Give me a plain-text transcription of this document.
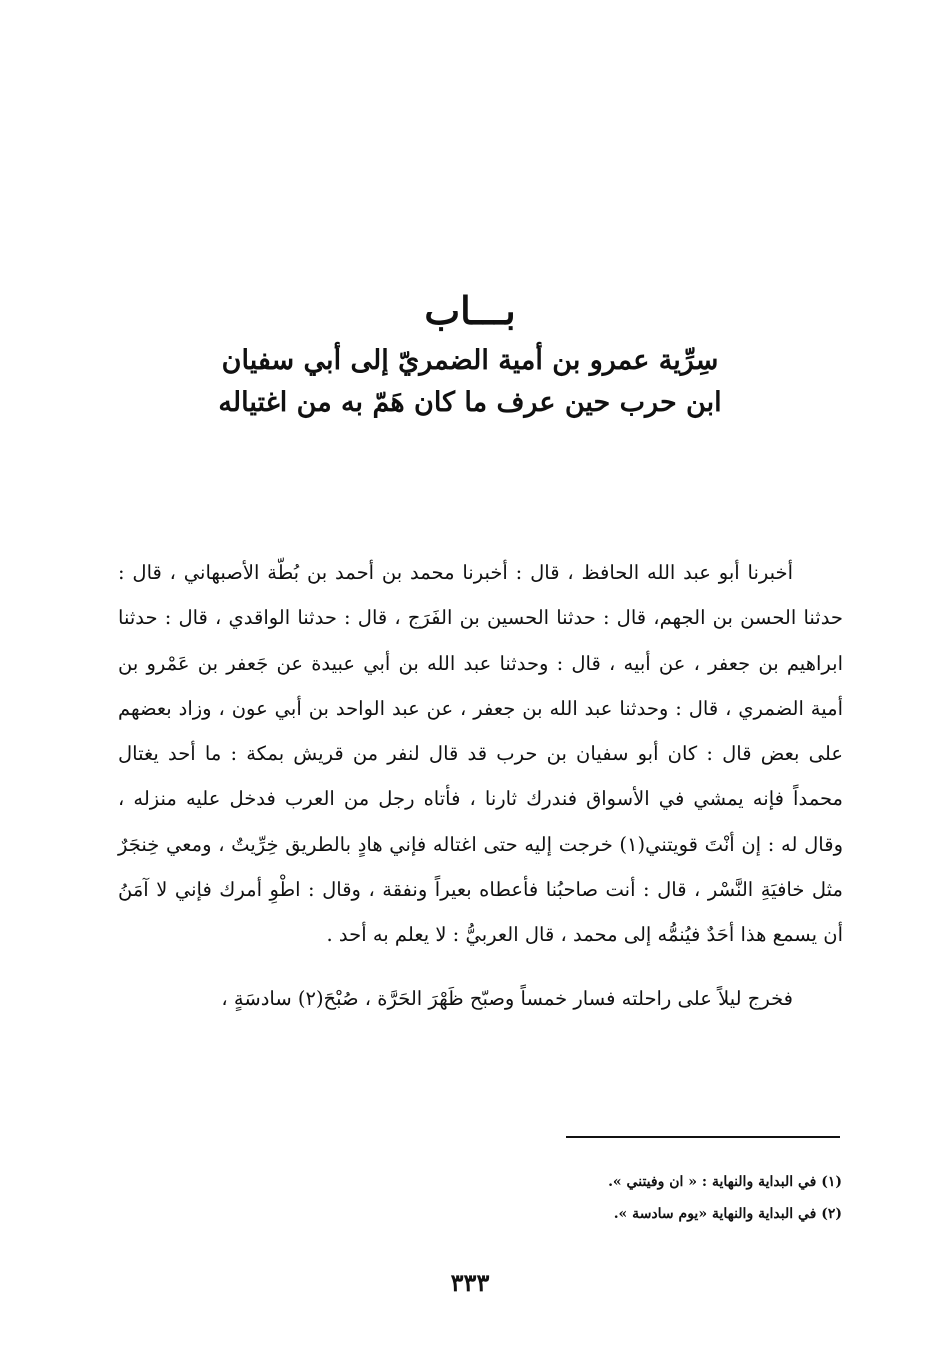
بـــاب
سِرِّية عمرو بن أمية الضمريّ إلى أبي سفيان
ابن حرب حين عرف ما كان هَمّ به من اغتياله

أخبرنا أبو عبد الله الحافظ ، قال : أخبرنا محمد بن أحمد بن بُطّة الأصبهاني ، قال : حدثنا الحسن بن الجهم، قال : حدثنا الحسين بن الفَرَج ، قال : حدثنا الواقدي ، قال : حدثنا ابراهيم بن جعفر ، عن أبيه ، قال : وحدثنا عبد الله بن أبي عبيدة عن جَعفر بن عَمْرو بن أمية الضمري ، قال : وحدثنا عبد الله بن جعفر ، عن عبد الواحد بن أبي عون ، وزاد بعضهم على بعض قال : كان أبو سفيان بن حرب قد قال لنفر من قريش بمكة : ما أحد يغتال محمداً فإنه يمشي في الأسواق فندرك ثارنا ، فأتاه رجل من العرب فدخل عليه منزله ، وقال له : إن أنْتَ قويتني(١) خرجت إليه حتى اغتاله فإني هادٍ بالطريق خِرِّيتٌ ، ومعي خِنجَرٌ مثل خافيَةِ النَّسْر ، قال : أنت صاحبُنا فأعطاه بعيراً ونفقة ، وقال : اطْوِ أمرك فإني لا آمَنُ أن يسمع هذا أحَدٌ فيُنمُّه إلى محمد ، قال العربيُّ : لا يعلم به أحد .

فخرج ليلاً على راحلته فسار خمساً وصبّح ظَهْرَ الحَرَّة ، صُبْحَ(٢) سادسَةٍ ،

(١) في البداية والنهاية : « ان وفيتني ».
(٢) في البداية والنهاية «يوم سادسة ».
٣٣٣
